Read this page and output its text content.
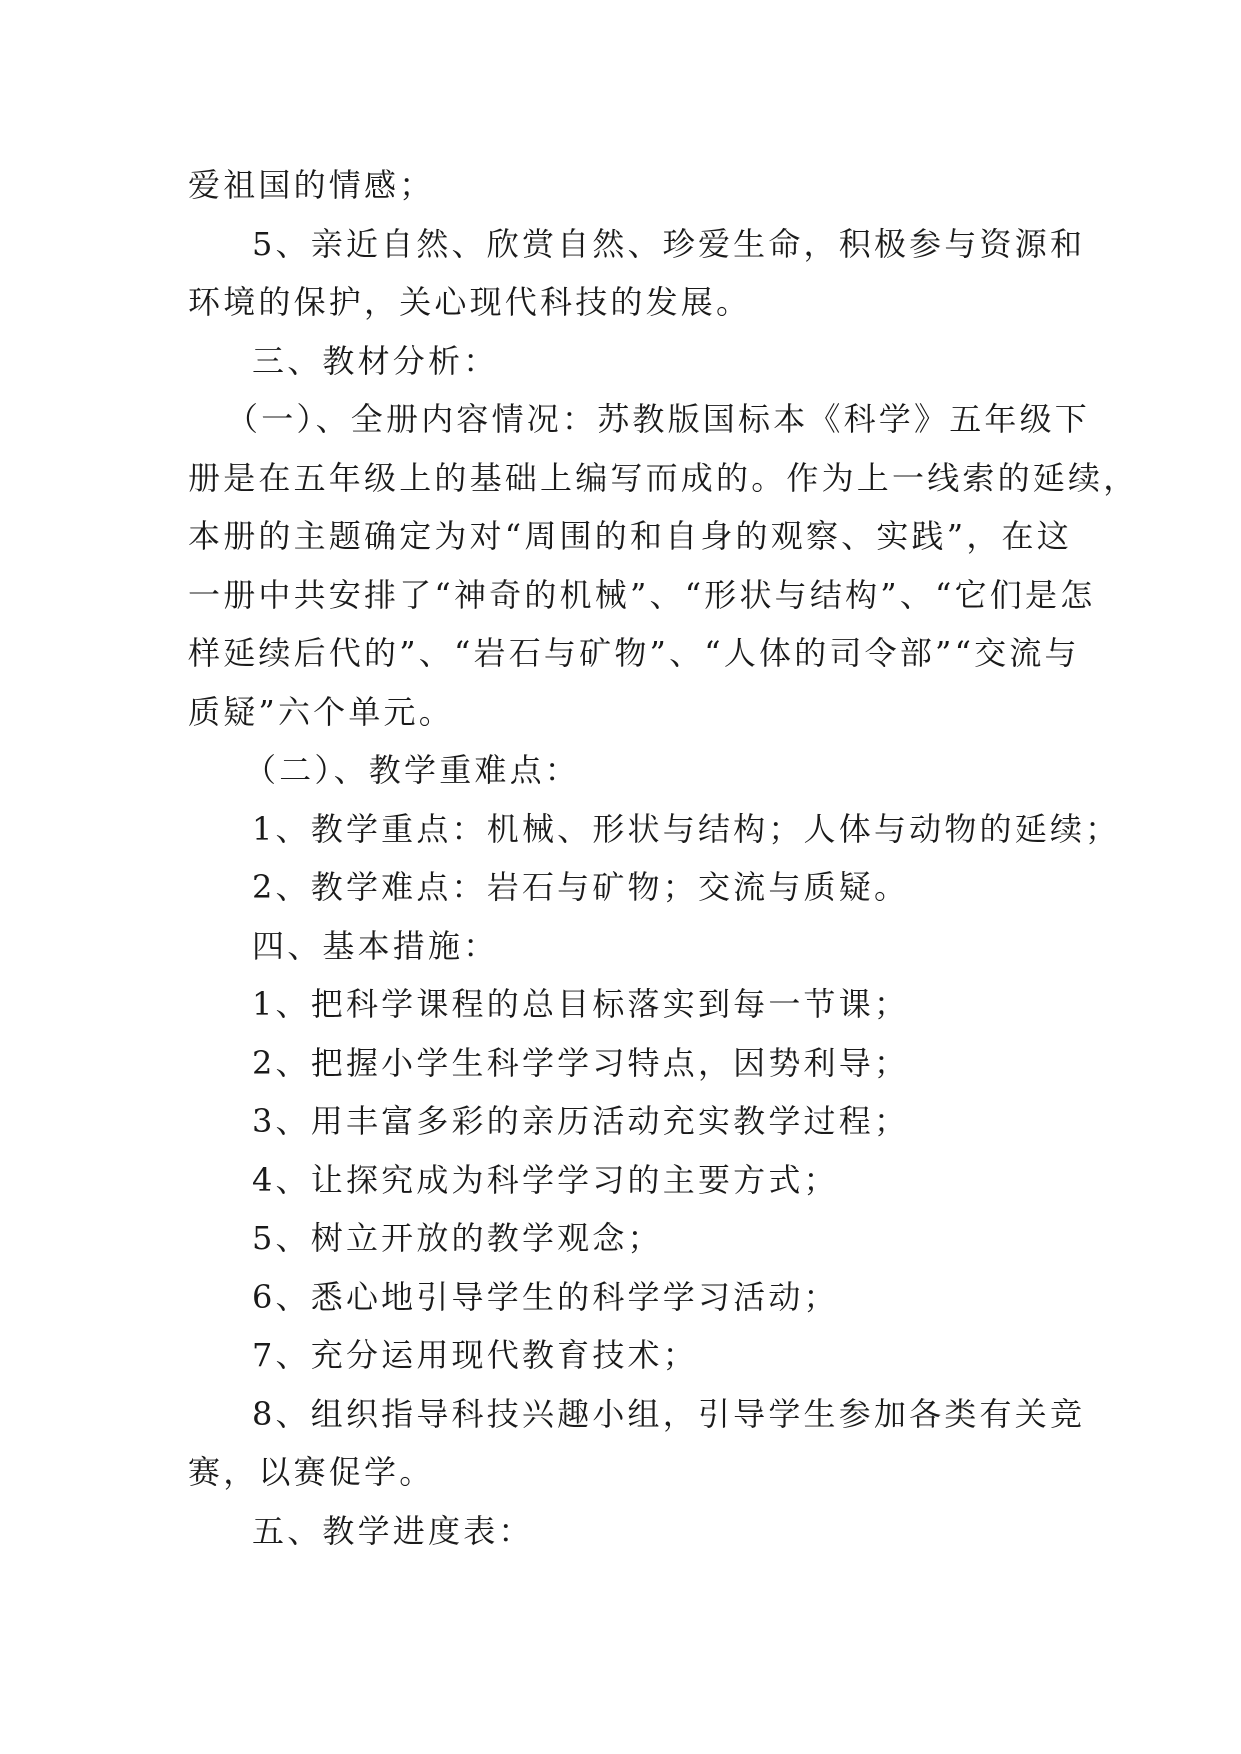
爱祖国的情感；

5、亲近自然、欣赏自然、珍爱生命，积极参与资源和

环境的保护，关心现代科技的发展。

三、教材分析：

（一）、全册内容情况：苏教版国标本《科学》五年级下

册是在五年级上的基础上编写而成的。作为上一线索的延续，

本册的主题确定为对“周围的和自身的观察、实践”，在这

一册中共安排了“神奇的机械”、“形状与结构”、“它们是怎

样延续后代的”、“岩石与矿物”、“人体的司令部”“交流与

质疑”六个单元。

（二）、教学重难点：

1、教学重点：机械、形状与结构；人体与动物的延续；

2、教学难点：岩石与矿物；交流与质疑。

四、基本措施：

1、把科学课程的总目标落实到每一节课；

2、把握小学生科学学习特点，因势利导；

3、用丰富多彩的亲历活动充实教学过程；

4、让探究成为科学学习的主要方式；

5、树立开放的教学观念；

6、悉心地引导学生的科学学习活动；

7、充分运用现代教育技术；

8、组织指导科技兴趣小组，引导学生参加各类有关竞

赛，以赛促学。

五、教学进度表：
